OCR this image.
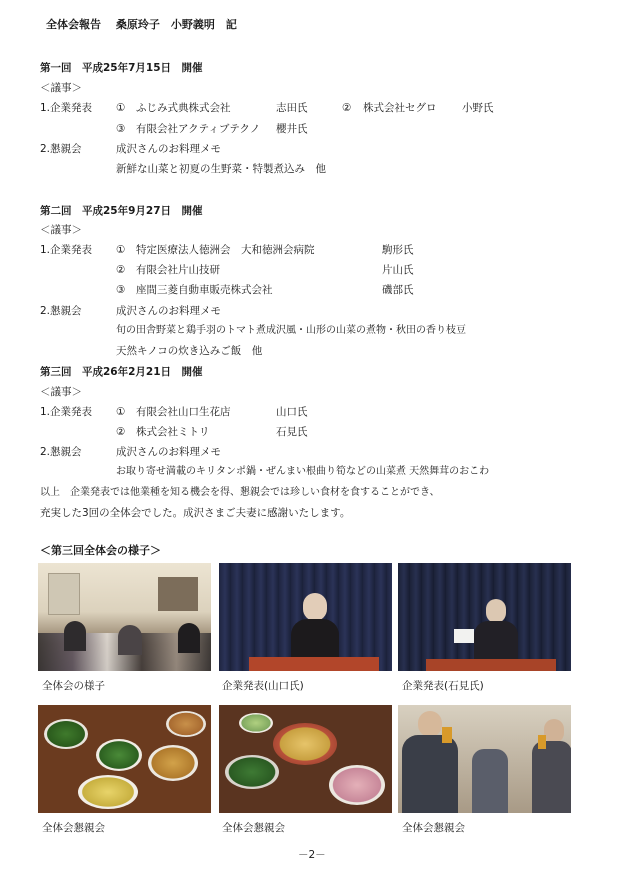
全体会報告　 桑原玲子　小野義明　記
第一回　平成25年7月15日　開催
＜議事＞
1.企業発表 ① ふじみ式典株式会社	志田氏	② 株式会社セグロ 小野氏
③ 有限会社アクティブテクノ 櫻井氏
2.懇親会	成沢さんのお料理メモ
新鮮な山菜と初夏の生野菜・特製煮込み　他
第二回　平成25年9月27日　開催
＜議事＞
1.企業発表 ① 特定医療法人徳洲会　大和徳洲会病院	駒形氏
② 有限会社片山技研	片山氏
③ 座間三菱自動車販売株式会社	磯部氏
2.懇親会	成沢さんのお料理メモ
旬の田舎野菜と鶏手羽のトマト煮成沢風・山形の山菜の煮物・秋田の香り枝豆
天然キノコの炊き込みご飯　他
第三回　平成26年2月21日　開催
＜議事＞
1.企業発表 ① 有限会社山口生花店	山口氏
② 株式会社ミトリ	石見氏
2.懇親会	成沢さんのお料理メモ
お取り寄せ満載のキリタンポ鍋・ぜんまい根曲り筍などの山菜煮 天然舞茸のおこわ
以上　企業発表では他業種を知る機会を得、懇親会では珍しい食材を食することができ、
充実した3回の全体会でした。成沢さまご夫妻に感謝いたします。
＜第三回全体会の様子＞
全体会の様子	企業発表(山口氏)	企業発表(石見氏)
全体会懇親会	全体会懇親会	全体会懇親会
－2－
